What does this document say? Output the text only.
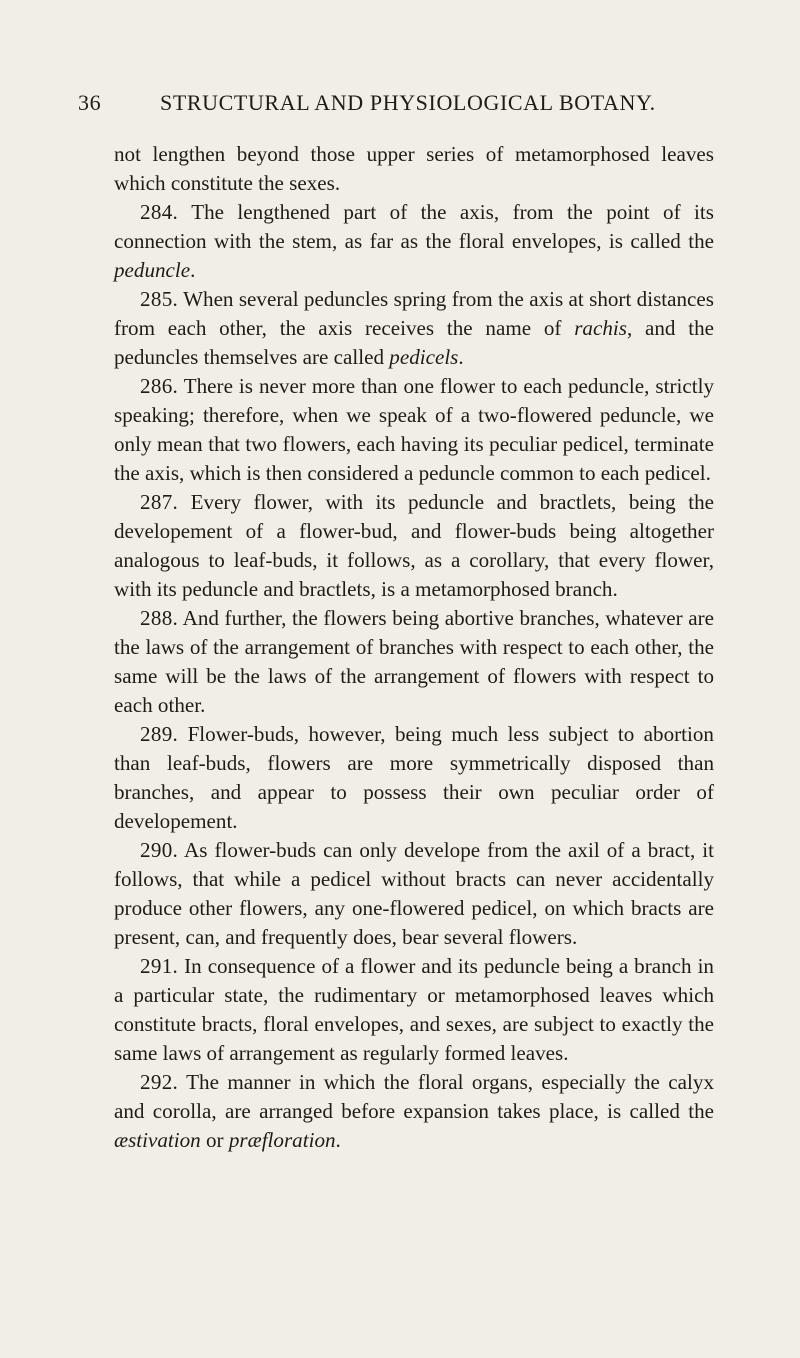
36	STRUCTURAL AND PHYSIOLOGICAL BOTANY.

not lengthen beyond those upper series of metamorphosed leaves which constitute the sexes.

284. The lengthened part of the axis, from the point of its connection with the stem, as far as the floral envelopes, is called the peduncle.

285. When several peduncles spring from the axis at short distances from each other, the axis receives the name of rachis, and the peduncles themselves are called pedicels.

286. There is never more than one flower to each peduncle, strictly speaking; therefore, when we speak of a two-flowered peduncle, we only mean that two flowers, each having its peculiar pedicel, terminate the axis, which is then considered a peduncle common to each pedicel.

287. Every flower, with its peduncle and bractlets, being the developement of a flower-bud, and flower-buds being altogether analogous to leaf-buds, it follows, as a corollary, that every flower, with its peduncle and bractlets, is a metamorphosed branch.

288. And further, the flowers being abortive branches, whatever are the laws of the arrangement of branches with respect to each other, the same will be the laws of the arrangement of flowers with respect to each other.

289. Flower-buds, however, being much less subject to abortion than leaf-buds, flowers are more symmetrically disposed than branches, and appear to possess their own peculiar order of developement.

290. As flower-buds can only develope from the axil of a bract, it follows, that while a pedicel without bracts can never accidentally produce other flowers, any one-flowered pedicel, on which bracts are present, can, and frequently does, bear several flowers.

291. In consequence of a flower and its peduncle being a branch in a particular state, the rudimentary or metamorphosed leaves which constitute bracts, floral envelopes, and sexes, are subject to exactly the same laws of arrangement as regularly formed leaves.

292. The manner in which the floral organs, especially the calyx and corolla, are arranged before expansion takes place, is called the æstivation or præfloration.
